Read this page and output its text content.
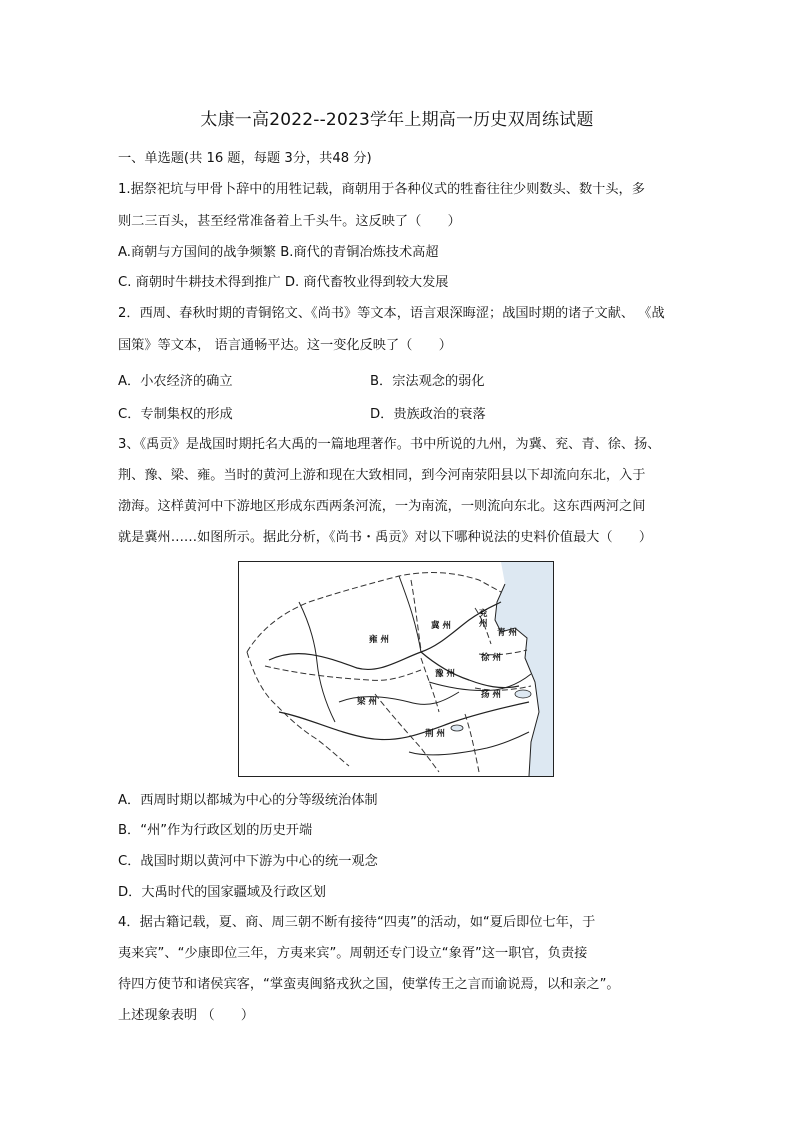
太康一高2022--2023学年上期高一历史双周练试题
一、单选题(共 16 题，每题 3分，共48 分)
1.据祭祀坑与甲骨卜辞中的用牲记载，商朝用于各种仪式的牲畜往往少则数头、数十头，多
则二三百头，甚至经常准备着上千头牛。这反映了（　　）
A.商朝与方国间的战争频繁 B.商代的青铜冶炼技术高超
C. 商朝时牛耕技术得到推广 D. 商代畜牧业得到较大发展
2．西周、春秋时期的青铜铭文、《尚书》等文本，语言艰深晦涩；战国时期的诸子文献、 《战
国策》等文本， 语言通畅平达。这一变化反映了（　　）
A．小农经济的确立	B．宗法观念的弱化
C．专制集权的形成	D．贵族政治的衰落
3、《禹贡》是战国时期托名大禹的一篇地理著作。书中所说的九州，为冀、兖、青、徐、扬、
荆、豫、梁、雍。当时的黄河上游和现在大致相同，到今河南荥阳县以下却流向东北，入于
渤海。这样黄河中下游地区形成东西两条河流，一为南流，一则流向东北。这东西两河之间
就是冀州……如图所示。据此分析，《尚书・禹贡》对以下哪种说法的史料价值最大（　　）
雍 州
冀 州
兖
州
青 州
徐 州
豫 州
梁 州
扬 州
荆 州
A．西周时期以都城为中心的分等级统治体制
B．“州”作为行政区划的历史开端
C．战国时期以黄河中下游为中心的统一观念
D．大禹时代的国家疆域及行政区划
4．据古籍记载，夏、商、周三朝不断有接待“四夷”的活动，如“夏后即位七年，于
夷来宾”、“少康即位三年，方夷来宾”。周朝还专门设立“象胥”这一职官，负责接
待四方使节和诸侯宾客，“掌蛮夷闽貉戎狄之国，使掌传王之言而谕说焉，以和亲之”。
上述现象表明 （　　）
